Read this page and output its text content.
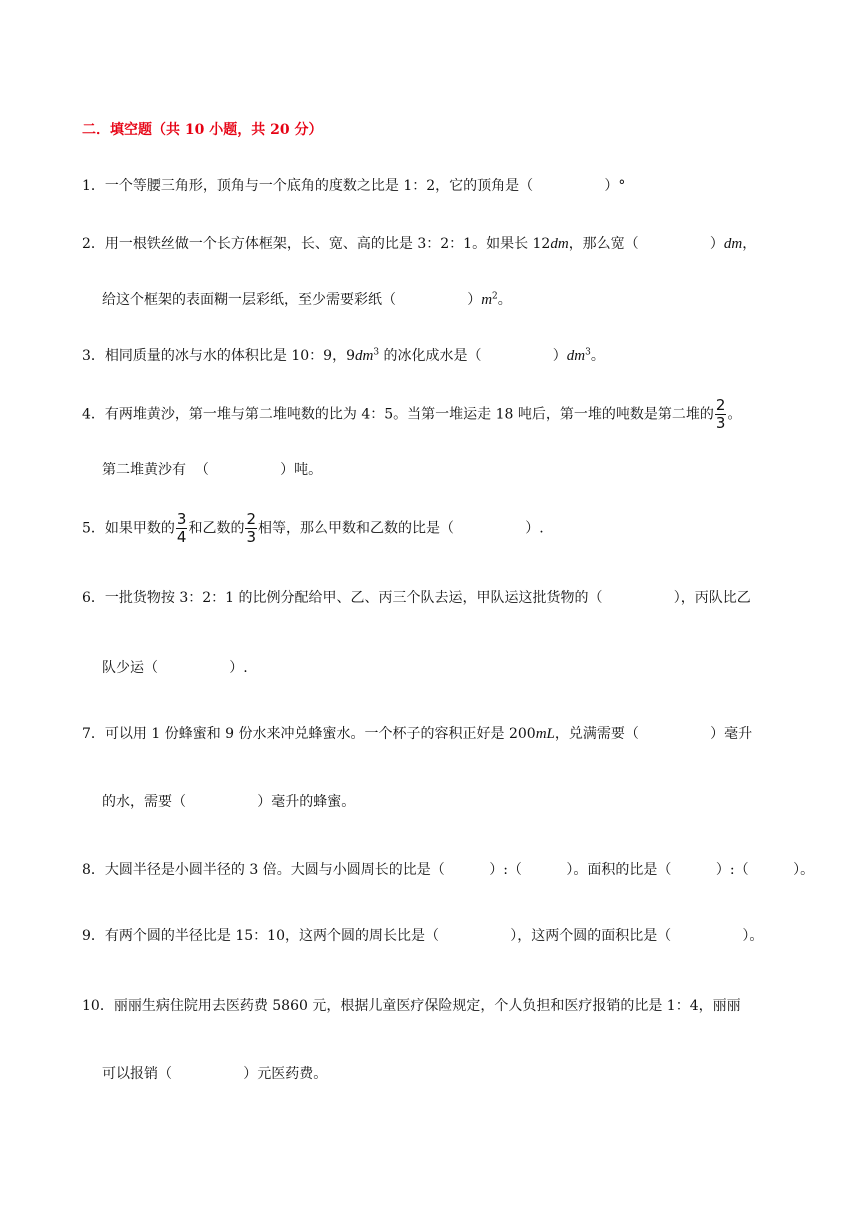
二．填空题（共 10 小题，共 20 分）
1．一个等腰三角形，顶角与一个底角的度数之比是 1：2，它的顶角是（                ）°
2．用一根铁丝做一个长方体框架，长、宽、高的比是 3：2：1。如果长 12dm，那么宽（                ）dm，
给这个框架的表面糊一层彩纸，至少需要彩纸（                ）$m^2$。
3．相同质量的冰与水的体积比是 10：9，$9dm^3$ 的冰化成水是（                ）$dm^3$。
4．有两堆黄沙，第一堆与第二堆吨数的比为 4：5。当第一堆运走 18 吨后，第一堆的吨数是第二堆的 $\frac{2}{3}$ 。
第二堆黄沙有  （                ）吨。
5．如果甲数的 $\frac{3}{4}$ 和乙数的 $\frac{2}{3}$ 相等，那么甲数和乙数的比是（                ）.
6．一批货物按 3：2：1 的比例分配给甲、乙、丙三个队去运，甲队运这批货物的（                ），丙队比乙
队少运（                ）.
7．可以用 1 份蜂蜜和 9 份水来冲兑蜂蜜水。一个杯子的容积正好是 200mL，兑满需要（                ）毫升
的水，需要（                ）毫升的蜂蜜。
8．大圆半径是小圆半径的 3 倍。大圆与小圆周长的比是（          ）:（          ）。面积的比是（          ）:（          ）。
9．有两个圆的半径比是 15：10，这两个圆的周长比是（                ），这两个圆的面积比是（                ）。
10．丽丽生病住院用去医药费 5860 元，根据儿童医疗保险规定，个人负担和医疗报销的比是 1：4，丽丽
可以报销（                ）元医药费。
